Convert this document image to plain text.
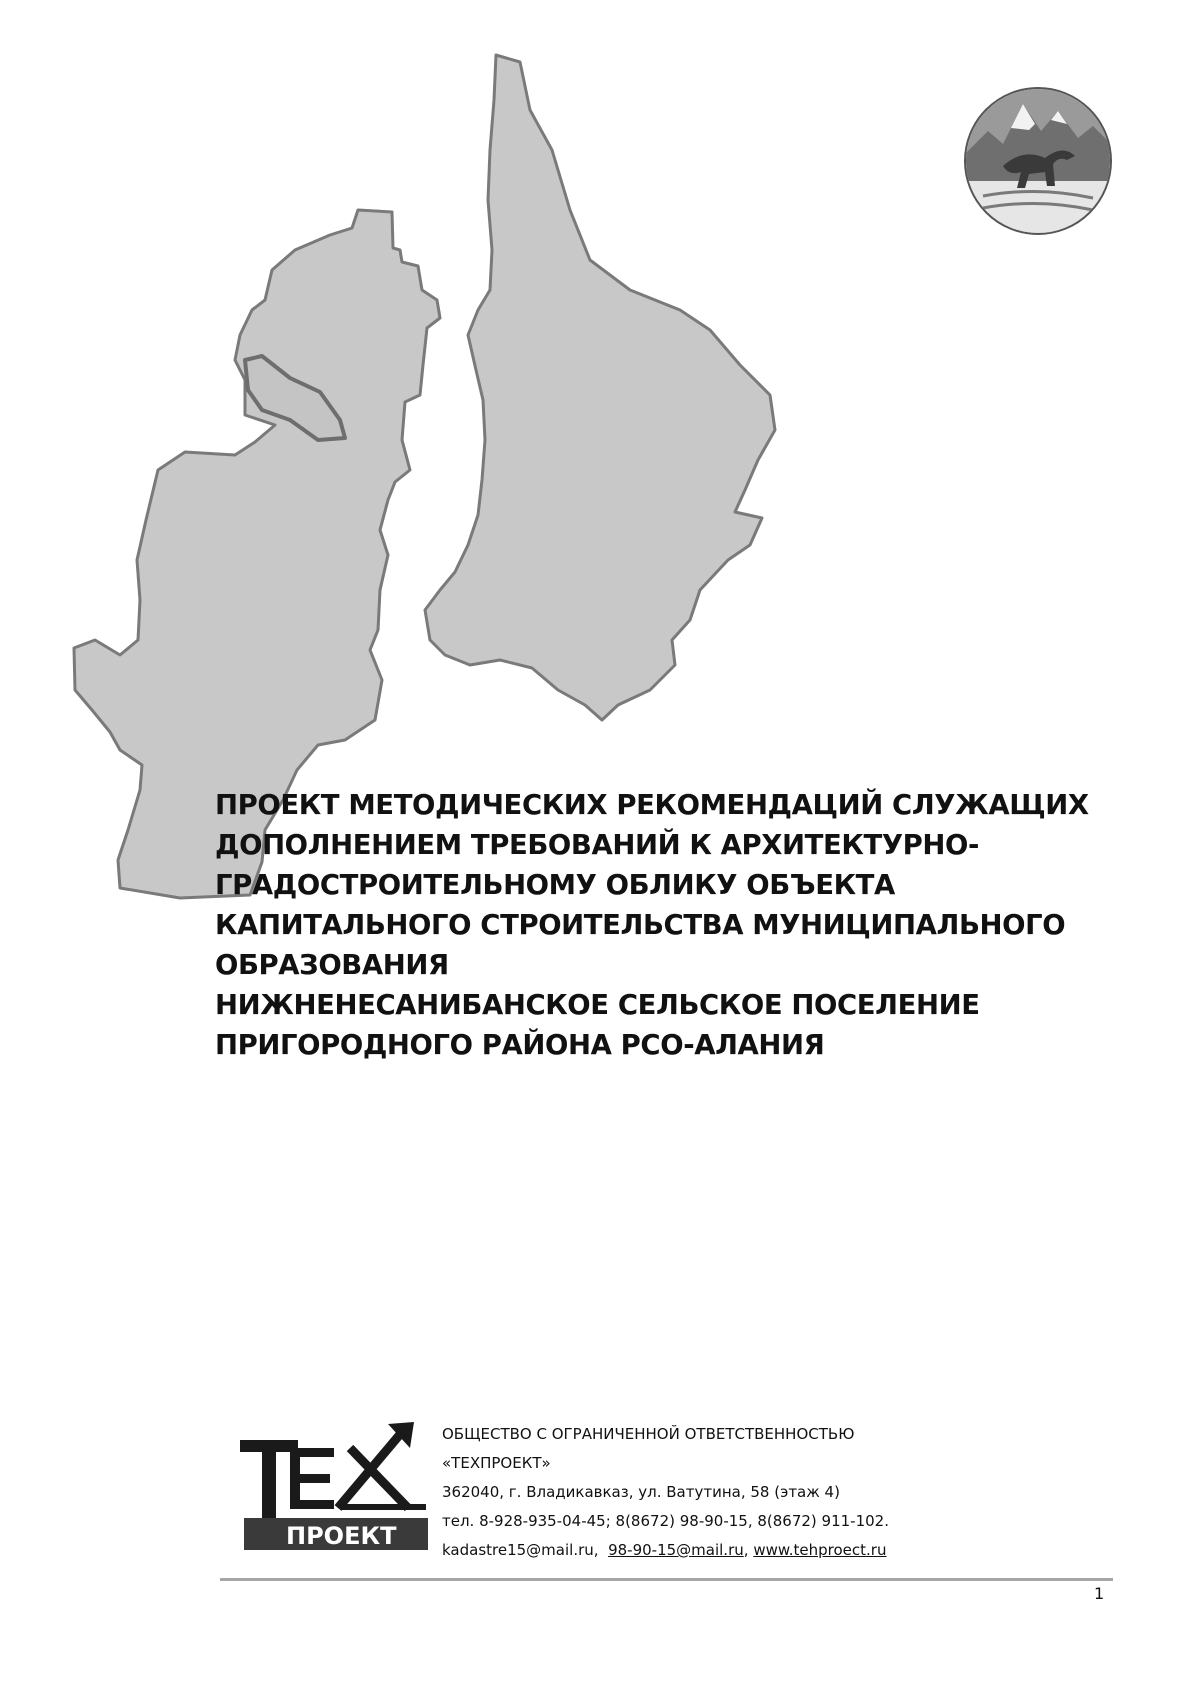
ПРОЕКТ МЕТОДИЧЕСКИХ РЕКОМЕНДАЦИЙ СЛУЖАЩИХ
ДОПОЛНЕНИЕМ ТРЕБОВАНИЙ К АРХИТЕКТУРНО-
ГРАДОСТРОИТЕЛЬНОМУ ОБЛИКУ ОБЪЕКТА
КАПИТАЛЬНОГО СТРОИТЕЛЬСТВА МУНИЦИПАЛЬНОГО
ОБРАЗОВАНИЯ
НИЖНЕНЕСАНИБАНСКОЕ СЕЛЬСКОЕ ПОСЕЛЕНИЕ
ПРИГОРОДНОГО РАЙОНА РСО-АЛАНИЯ
ПРОЕКТ
ОБЩЕСТВО С ОГРАНИЧЕННОЙ ОТВЕТСТВЕННОСТЬЮ
«ТЕХПРОЕКТ»
362040, г. Владикавказ, ул. Ватутина, 58 (этаж 4)
тел. 8-928-935-04-45; 8(8672) 98-90-15, 8(8672) 911-102.
kadastre15@mail.ru, 98-90-15@mail.ru, www.tehproect.ru
1
